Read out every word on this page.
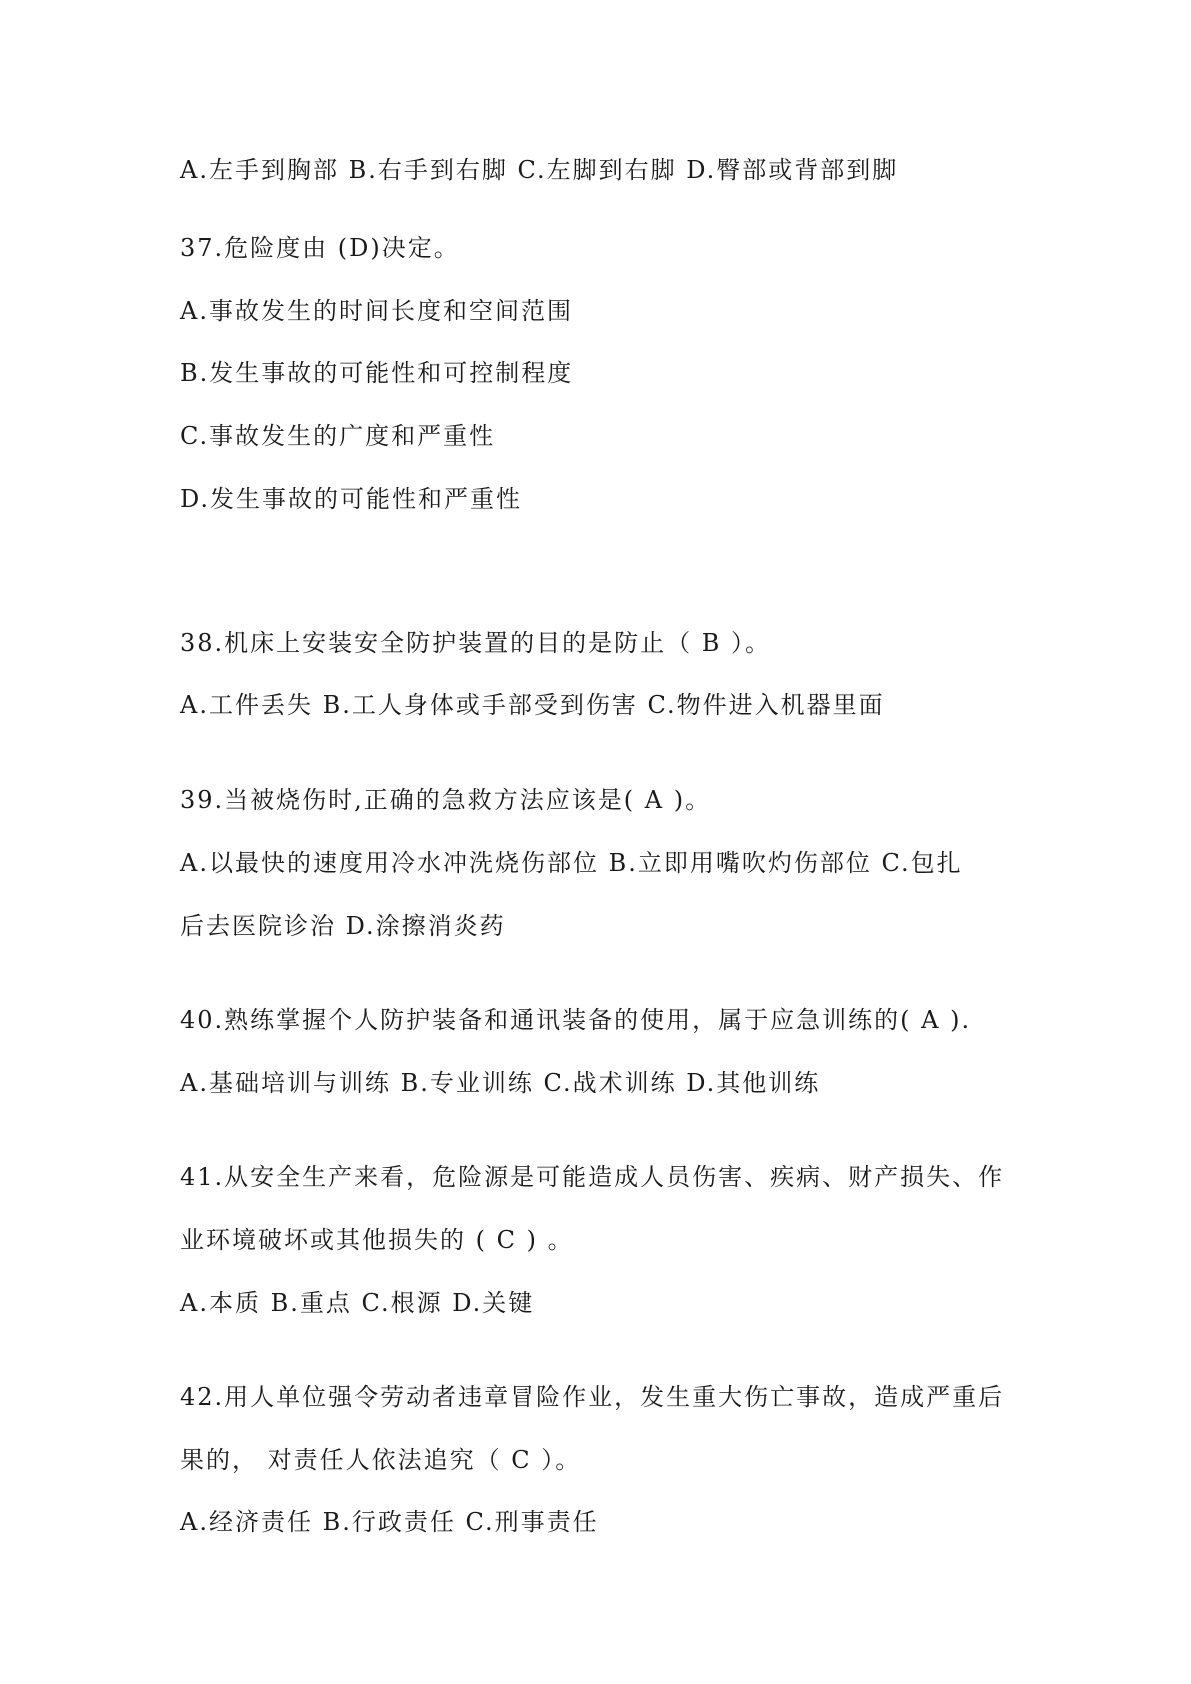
A.左手到胸部 B.右手到右脚 C.左脚到右脚 D.臀部或背部到脚

37.危险度由 (D)决定。

A.事故发生的时间长度和空间范围

B.发生事故的可能性和可控制程度

C.事故发生的广度和严重性

D.发生事故的可能性和严重性

38.机床上安装安全防护装置的目的是防止（ B ）。

A.工件丢失 B.工人身体或手部受到伤害 C.物件进入机器里面

39.当被烧伤时,正确的急救方法应该是( A )。

A.以最快的速度用冷水冲洗烧伤部位 B.立即用嘴吹灼伤部位 C.包扎

后去医院诊治 D.涂擦消炎药

40.熟练掌握个人防护装备和通讯装备的使用，属于应急训练的( A ).

A.基础培训与训练 B.专业训练 C.战术训练 D.其他训练

41.从安全生产来看，危险源是可能造成人员伤害、疾病、财产损失、作

业环境破坏或其他损失的 ( C ) 。

A.本质 B.重点 C.根源 D.关键

42.用人单位强令劳动者违章冒险作业，发生重大伤亡事故，造成严重后

果的， 对责任人依法追究（ C ）。

A.经济责任 B.行政责任 C.刑事责任
